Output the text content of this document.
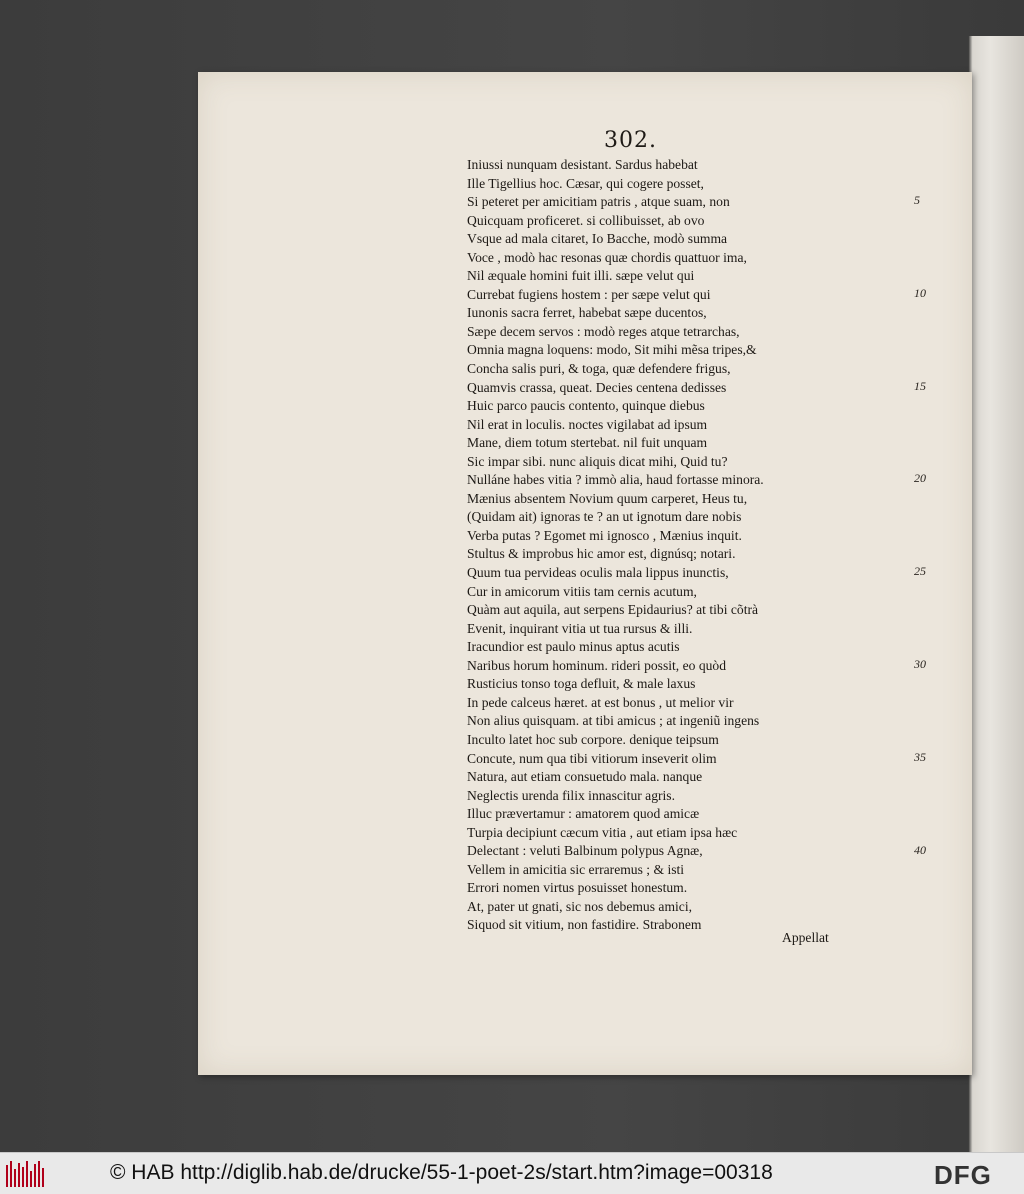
302.
Iniussi nunquam desistant. Sardus habebat
Ille Tigellius hoc. Cæsar, qui cogere posset,
Si peteret per amicitiam patris , atque suam, non
Quicquam proficeret. si collibuisset, ab ovo
Vsque ad mala citaret, Io Bacche, modò summa
Voce , modò hac resonas quæ chordis quattuor ima,
Nil æquale homini fuit illi. sæpe velut qui
Currebat fugiens hostem : per sæpe velut qui
Iunonis sacra ferret, habebat sæpe ducentos,
Sæpe decem servos : modò reges atque tetrarchas,
Omnia magna loquens: modo, Sit mihi mẽsa tripes,&
Concha salis puri, & toga, quæ defendere frigus,
Quamvis crassa, queat. Decies centena dedisses
Huic parco paucis contento, quinque diebus
Nil erat in loculis. noctes vigilabat ad ipsum
Mane, diem totum stertebat. nil fuit unquam
Sic impar sibi. nunc aliquis dicat mihi, Quid tu?
Nulláne habes vitia ? immò alia, haud fortasse minora.
Mænius absentem Novium quum carperet, Heus tu,
(Quidam ait) ignoras te ? an ut ignotum dare nobis
Verba putas ? Egomet mi ignosco , Mænius inquit.
Stultus & improbus hic amor est, dignúsq; notari.
Quum tua pervideas oculis mala lippus inunctis,
Cur in amicorum vitiis tam cernis acutum,
Quàm aut aquila, aut serpens Epidaurius? at tibi cõtrà
Evenit, inquirant vitia ut tua rursus & illi.
Iracundior est paulo minus aptus acutis
Naribus horum hominum. rideri possit, eo quòd
Rusticius tonso toga defluit, & male laxus
In pede calceus hæret. at est bonus , ut melior vir
Non alius quisquam. at tibi amicus ; at ingeniũ ingens
Inculto latet hoc sub corpore. denique teipsum
Concute, num qua tibi vitiorum inseverit olim
Natura, aut etiam consuetudo mala. nanque
Neglectis urenda filix innascitur agris.
Illuc prævertamur : amatorem quod amicæ
Turpia decipiunt cæcum vitia , aut etiam ipsa hæc
Delectant : veluti Balbinum polypus Agnæ,
Vellem in amicitia sic erraremus ; & isti
Errori nomen virtus posuisset honestum.
At, pater ut gnati, sic nos debemus amici,
Siquod sit vitium, non fastidire. Strabonem
5
10
15
20
25
30
35
40
Appellat
© HAB http://diglib.hab.de/drucke/55-1-poet-2s/start.htm?image=00318	DFG
